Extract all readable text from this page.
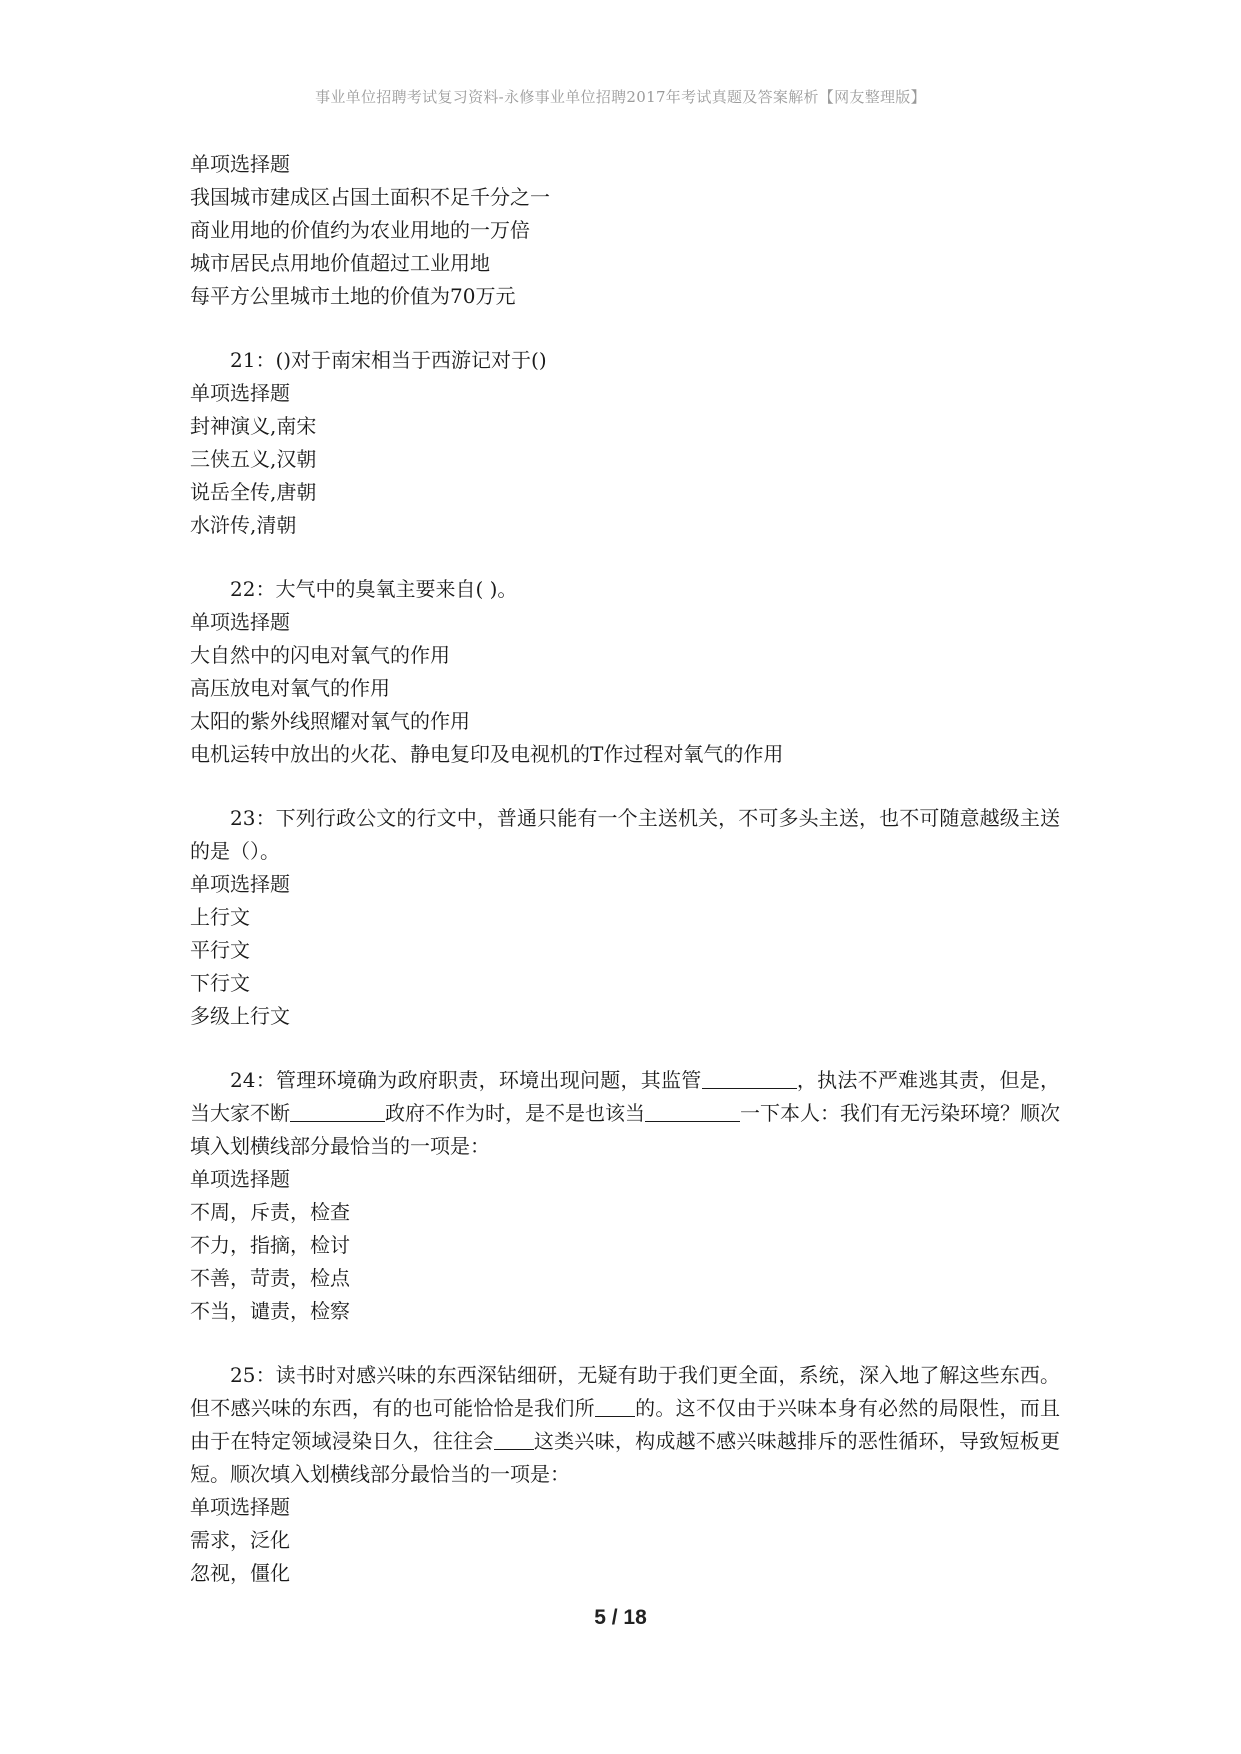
事业单位招聘考试复习资料-永修事业单位招聘2017年考试真题及答案解析【网友整理版】
单项选择题
我国城市建成区占国土面积不足千分之一
商业用地的价值约为农业用地的一万倍
城市居民点用地价值超过工业用地
每平方公里城市土地的价值为70万元
21：()对于南宋相当于西游记对于()
单项选择题
封神演义,南宋
三侠五义,汉朝
说岳全传,唐朝
水浒传,清朝
22：大气中的臭氧主要来自( )。
单项选择题
大自然中的闪电对氧气的作用
高压放电对氧气的作用
太阳的紫外线照耀对氧气的作用
电机运转中放出的火花、静电复印及电视机的T作过程对氧气的作用
23：下列行政公文的行文中，普通只能有一个主送机关，不可多头主送，也不可随意越级主送的是（）。
单项选择题
上行文
平行文
下行文
多级上行文
24：管理环境确为政府职责，环境出现问题，其监管	，执法不严难逃其责，但是，当大家不断	政府不作为时，是不是也该当	一下本人：我们有无污染环境？顺次填入划横线部分最恰当的一项是：
单项选择题
不周，斥责，检查
不力，指摘，检讨
不善，苛责，检点
不当，谴责，检察
25：读书时对感兴味的东西深钻细研，无疑有助于我们更全面，系统，深入地了解这些东西。但不感兴味的东西，有的也可能恰恰是我们所 的。这不仅由于兴味本身有必然的局限性，而且由于在特定领域浸染日久，往往会 这类兴味，构成越不感兴味越排斥的恶性循环，导致短板更短。顺次填入划横线部分最恰当的一项是：
单项选择题
需求，泛化
忽视，僵化
5 / 18
